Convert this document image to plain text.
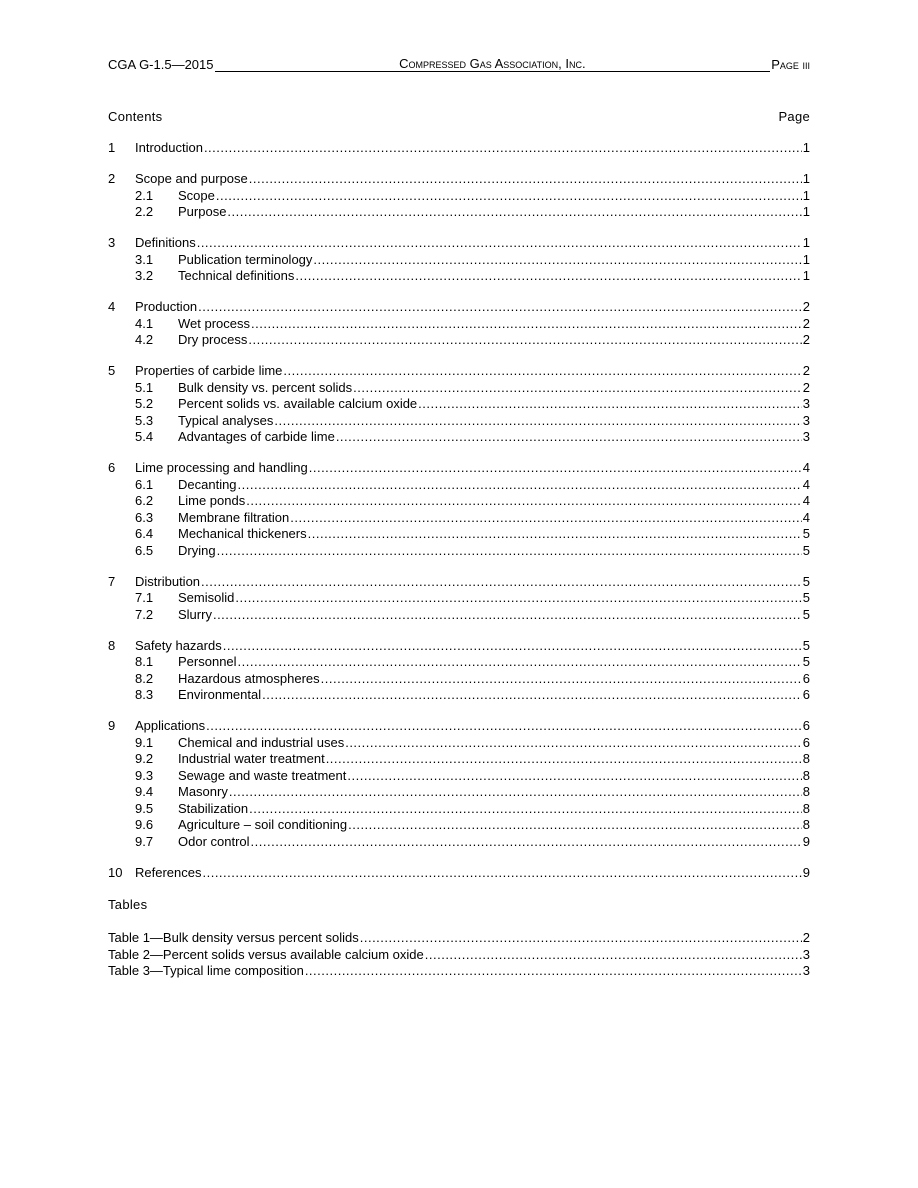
CGA G-1.5—2015	Compressed Gas Association, Inc.	Page iii
Contents	Page
1	Introduction .....	1
2	Scope and purpose .....	1
2.1	Scope .....	1
2.2	Purpose .....	1
3	Definitions .....	1
3.1	Publication terminology .....	1
3.2	Technical definitions .....	1
4	Production .....	2
4.1	Wet process .....	2
4.2	Dry process .....	2
5	Properties of carbide lime .....	2
5.1	Bulk density vs. percent solids .....	2
5.2	Percent solids vs. available calcium oxide .....	3
5.3	Typical analyses .....	3
5.4	Advantages of carbide lime .....	3
6	Lime processing and handling .....	4
6.1	Decanting .....	4
6.2	Lime ponds .....	4
6.3	Membrane filtration .....	4
6.4	Mechanical thickeners .....	5
6.5	Drying .....	5
7	Distribution .....	5
7.1	Semisolid .....	5
7.2	Slurry .....	5
8	Safety hazards .....	5
8.1	Personnel .....	5
8.2	Hazardous atmospheres .....	6
8.3	Environmental .....	6
9	Applications .....	6
9.1	Chemical and industrial uses .....	6
9.2	Industrial water treatment .....	8
9.3	Sewage and waste treatment .....	8
9.4	Masonry .....	8
9.5	Stabilization .....	8
9.6	Agriculture – soil conditioning .....	8
9.7	Odor control .....	9
10 References .....	9
Tables
Table 1—Bulk density versus percent solids .....	2
Table 2—Percent solids versus available calcium oxide .....	3
Table 3—Typical lime composition .....	3
